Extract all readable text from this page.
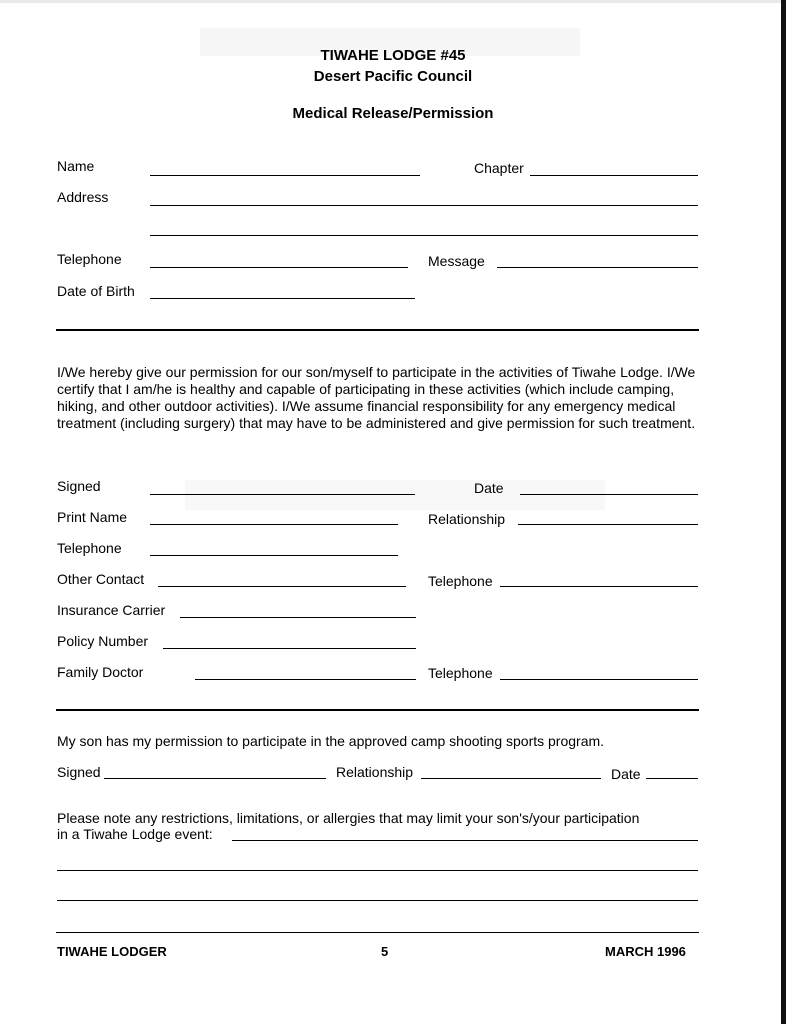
TIWAHE LODGE #45
Desert Pacific Council
Medical Release/Permission
Name	Chapter
Address
Telephone	Message
Date of Birth
I/We hereby give our permission for our son/myself to participate in the activities of Tiwahe Lodge. I/We certify that I am/he is healthy and capable of participating in these activities (which include camping, hiking, and other outdoor activities). I/We assume financial responsibility for any emergency medical treatment (including surgery) that may have to be administered and give permission for such treatment.
Signed	Date
Print Name	Relationship
Telephone
Other Contact	Telephone
Insurance Carrier
Policy Number
Family Doctor	Telephone
My son has my permission to participate in the approved camp shooting sports program.
Signed	Relationship	Date
Please note any restrictions, limitations, or allergies that may limit your son's/your participation
in a Tiwahe Lodge event:
TIWAHE LODGER	5	MARCH 1996
